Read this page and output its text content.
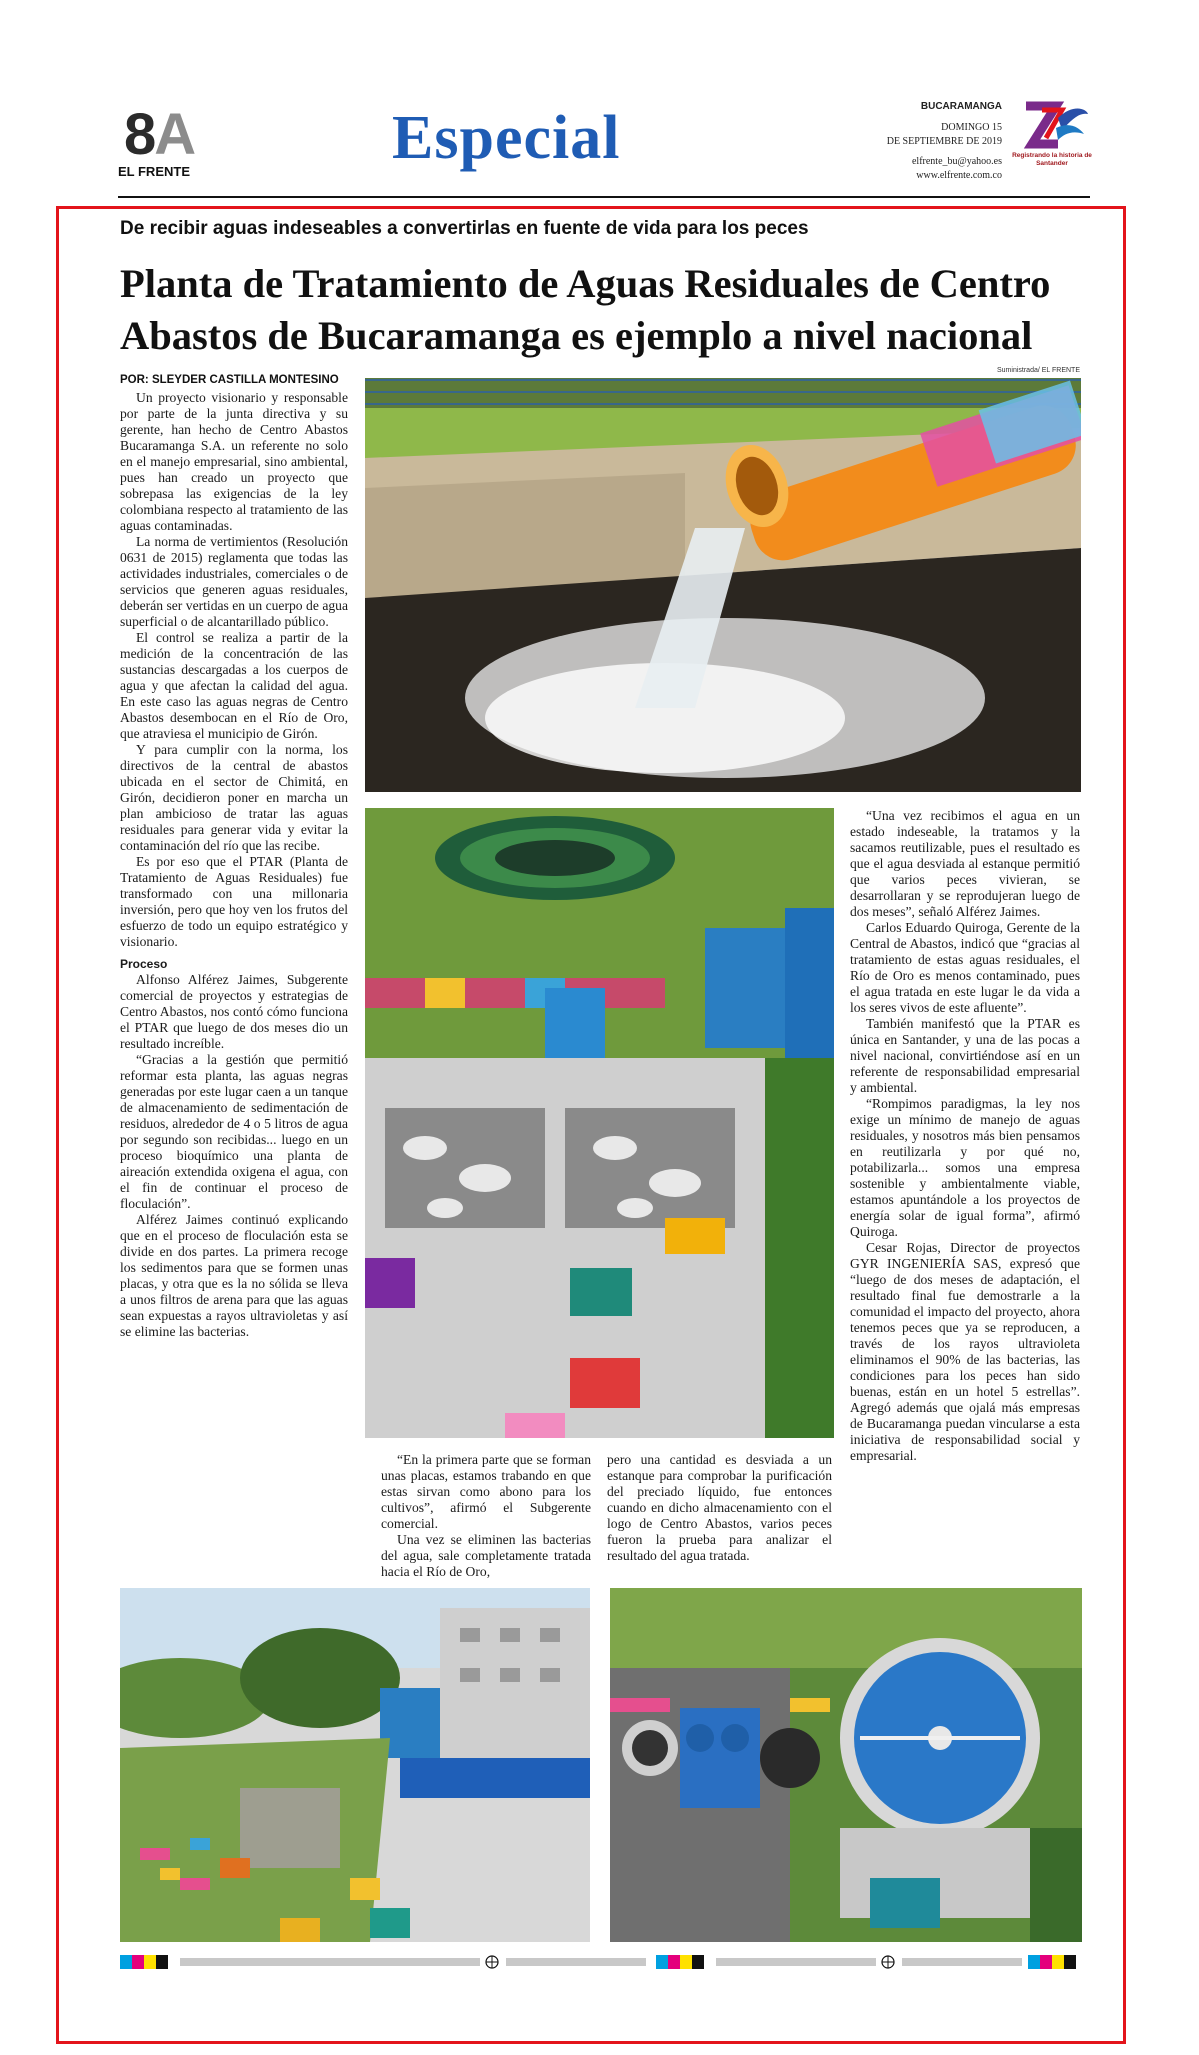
8A
EL FRENTE	Especial	BUCARAMANGA
DOMINGO 15
DE SEPTIEMBRE DE 2019
elfrente_bu@yahoo.es
www.elfrente.com.co
Registrando la historia de Santander
De recibir aguas indeseables a convertirlas en fuente de vida para los peces
Planta de Tratamiento de Aguas Residuales de Centro
Abastos de Bucaramanga es ejemplo a nivel nacional
POR: SLEYDER CASTILLA MONTESINO
Suministrada/ EL FRENTE

Un proyecto visionario y responsable por parte de la junta directiva y su gerente, han hecho de Centro Abastos Bucaramanga S.A. un referente no solo en el manejo empresarial, sino ambiental, pues han creado un proyecto que sobrepasa las exigencias de la ley colombiana respecto al tratamiento de las aguas contaminadas.

La norma de vertimientos (Resolución 0631 de 2015) reglamenta que todas las actividades industriales, comerciales o de servicios que generen aguas residuales, deberán ser vertidas en un cuerpo de agua superficial o de alcantarillado público.

El control se realiza a partir de la medición de la concentración de las sustancias descargadas a los cuerpos de agua y que afectan la calidad del agua. En este caso las aguas negras de Centro Abastos desembocan en el Río de Oro, que atraviesa el municipio de Girón.

Y para cumplir con la norma, los directivos de la central de abastos ubicada en el sector de Chimitá, en Girón, decidieron poner en marcha un plan ambicioso de tratar las aguas residuales para generar vida y evitar la contaminación del río que las recibe.

Es por eso que el PTAR (Planta de Tratamiento de Aguas Residuales) fue transformado con una millonaria inversión, pero que hoy ven los frutos del esfuerzo de todo un equipo estratégico y visionario.

Proceso

Alfonso Alférez Jaimes, Subgerente comercial de proyectos y estrategias de Centro Abastos, nos contó cómo funciona el PTAR que luego de dos meses dio un resultado increíble.

“Gracias a la gestión que permitió reformar esta planta, las aguas negras generadas por este lugar caen a un tanque de almacenamiento de sedimentación de residuos, alrededor de 4 o 5 litros de agua por segundo son recibidas... luego en un proceso bioquímico una planta de aireación extendida oxigena el agua, con el fin de continuar el proceso de floculación”.

Alférez Jaimes continuó explicando que en el proceso de floculación esta se divide en dos partes. La primera recoge los sedimentos para que se formen unas placas, y otra que es la no sólida se lleva a unos filtros de arena para que las aguas sean expuestas a rayos ultravioletas y así se elimine las bacterias.

“Una vez recibimos el agua en un estado indeseable, la tratamos y la sacamos reutilizable, pues el resultado es que el agua desviada al estanque permitió que varios peces vivieran, se desarrollaran y se reprodujeran luego de dos meses”, señaló Alférez Jaimes.

Carlos Eduardo Quiroga, Gerente de la Central de Abastos, indicó que “gracias al tratamiento de estas aguas residuales, el Río de Oro es menos contaminado, pues el agua tratada en este lugar le da vida a los seres vivos de este afluente”.

También manifestó que la PTAR es única en Santander, y una de las pocas a nivel nacional, convirtiéndose así en un referente de responsabilidad empresarial y ambiental.

“Rompimos paradigmas, la ley nos exige un mínimo de manejo de aguas residuales, y nosotros más bien pensamos en reutilizarla y por qué no, potabilizarla... somos una empresa sostenible y ambientalmente viable, estamos apuntándole a los proyectos de energía solar de igual forma”, afirmó Quiroga.

Cesar Rojas, Director de proyectos GYR INGENIERÍA SAS, expresó que “luego de dos meses de adaptación, el resultado final fue demostrarle a la comunidad el impacto del proyecto, ahora tenemos peces que ya se reproducen, a través de los rayos ultravioleta eliminamos el 90% de las bacterias, las condiciones para los peces han sido buenas, están en un hotel 5 estrellas”. Agregó además que ojalá más empresas de Bucaramanga puedan vincularse a esta iniciativa de responsabilidad social y empresarial.

“En la primera parte que se forman unas placas, estamos trabando en que estas sirvan como abono para los cultivos”, afirmó el Subgerente comercial.

Una vez se eliminen las bacterias del agua, sale completamente tratada hacia el Río de Oro,

pero una cantidad es desviada a un estanque para comprobar la purificación del preciado líquido, fue entonces cuando en dicho almacenamiento con el logo de Centro Abastos, varios peces fueron la prueba para analizar el resultado del agua tratada.
